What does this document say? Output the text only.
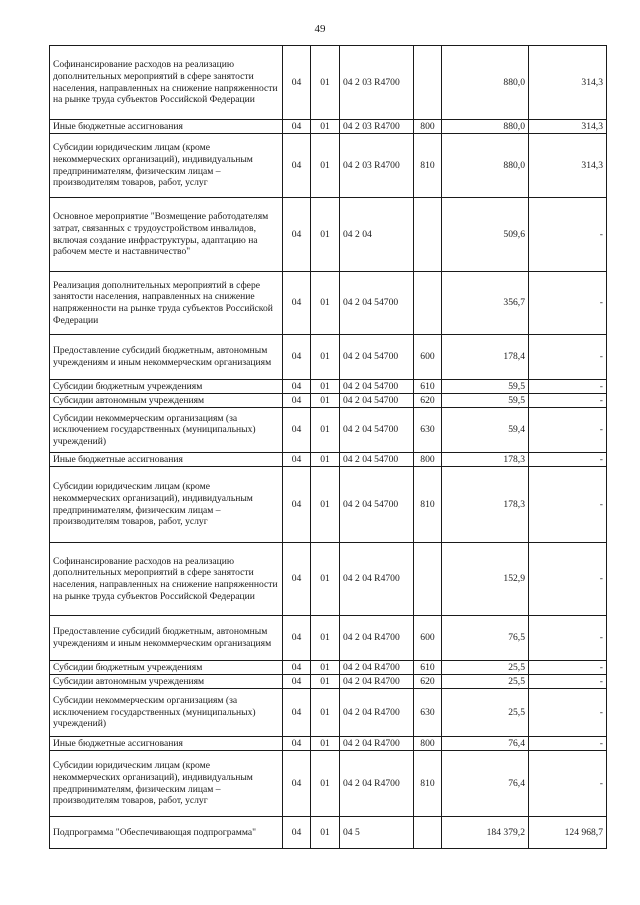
49
Софинансирование расходов на реализацию дополнительных мероприятий в сфере занятости населения, направленных на снижение напряженности на рынке труда субъектов Российской Федерации	04	01	04 2 03 R4700		880,0	314,3
Иные бюджетные ассигнования	04	01	04 2 03 R4700	800	880,0	314,3
Субсидии юридическим лицам (кроме некоммерческих организаций), индивидуальным предпринимателям, физическим лицам – производителям товаров, работ, услуг	04	01	04 2 03 R4700	810	880,0	314,3
Основное мероприятие "Возмещение работодателям затрат, связанных с трудоустройством инвалидов, включая создание инфраструктуры, адаптацию на рабочем месте и наставничество"	04	01	04 2 04		509,6	-
Реализация дополнительных мероприятий в сфере занятости населения, направленных на снижение напряженности на рынке труда субъектов Российской Федерации	04	01	04 2 04 54700		356,7	-
Предоставление субсидий бюджетным, автономным учреждениям и иным некоммерческим организациям	04	01	04 2 04 54700	600	178,4	-
Субсидии бюджетным учреждениям	04	01	04 2 04 54700	610	59,5	-
Субсидии автономным учреждениям	04	01	04 2 04 54700	620	59,5	-
Субсидии некоммерческим организациям (за исключением государственных (муниципальных) учреждений)	04	01	04 2 04 54700	630	59,4	-
Иные бюджетные ассигнования	04	01	04 2 04 54700	800	178,3	-
Субсидии юридическим лицам (кроме некоммерческих организаций), индивидуальным предпринимателям, физическим лицам – производителям товаров, работ, услуг	04	01	04 2 04 54700	810	178,3	-
Софинансирование расходов на реализацию дополнительных мероприятий в сфере занятости населения, направленных на снижение напряженности на рынке труда субъектов Российской Федерации	04	01	04 2 04 R4700		152,9	-
Предоставление субсидий бюджетным, автономным учреждениям и иным некоммерческим организациям	04	01	04 2 04 R4700	600	76,5	-
Субсидии бюджетным учреждениям	04	01	04 2 04 R4700	610	25,5	-
Субсидии автономным учреждениям	04	01	04 2 04 R4700	620	25,5	-
Субсидии некоммерческим организациям (за исключением государственных (муниципальных) учреждений)	04	01	04 2 04 R4700	630	25,5	-
Иные бюджетные ассигнования	04	01	04 2 04 R4700	800	76,4	-
Субсидии юридическим лицам (кроме некоммерческих организаций), индивидуальным предпринимателям, физическим лицам – производителям товаров, работ, услуг	04	01	04 2 04 R4700	810	76,4	-
Подпрограмма "Обеспечивающая подпрограмма"	04	01	04 5		184 379,2	124 968,7
